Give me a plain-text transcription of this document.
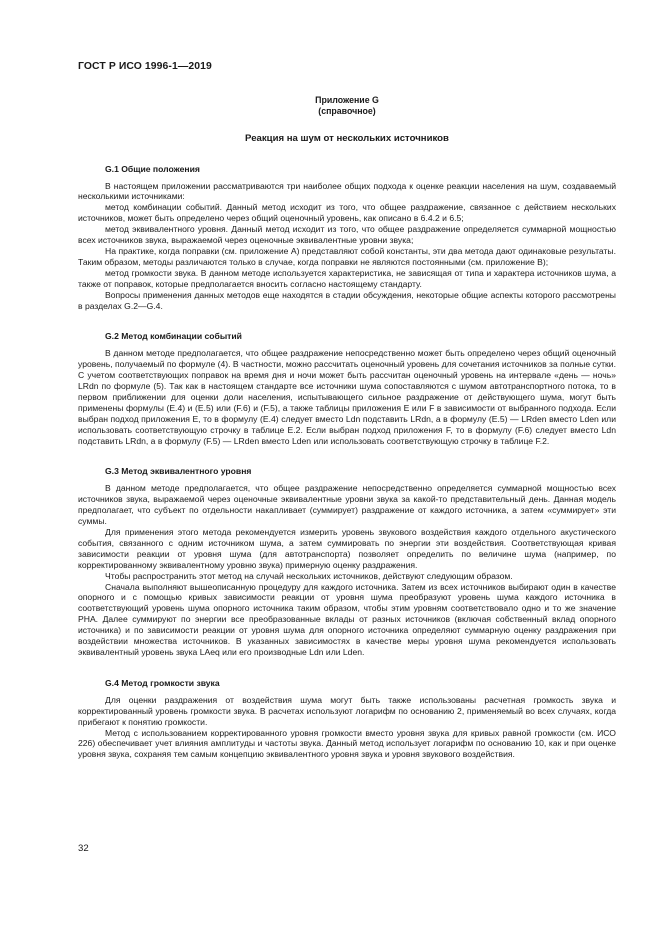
ГОСТ Р ИСО 1996-1—2019
Приложение G
(справочное)
Реакция на шум от нескольких источников
G.1 Общие положения

В настоящем приложении рассматриваются три наиболее общих подхода к оценке реакции населения на шум, создаваемый несколькими источниками:

метод комбинации событий. Данный метод исходит из того, что общее раздражение, связанное с действием нескольких источников, может быть определено через общий оценочный уровень, как описано в 6.4.2 и 6.5;

метод эквивалентного уровня. Данный метод исходит из того, что общее раздражение определяется суммарной мощностью всех источников звука, выражаемой через оценочные эквивалентные уровни звука;

На практике, когда поправки (см. приложение А) представляют собой константы, эти два метода дают одинаковые результаты. Таким образом, методы различаются только в случае, когда поправки не являются постоянными (см. приложение В);

метод громкости звука. В данном методе используется характеристика, не зависящая от типа и характера источников шума, а также от поправок, которые предполагается вносить согласно настоящему стандарту.

Вопросы применения данных методов еще находятся в стадии обсуждения, некоторые общие аспекты которого рассмотрены в разделах G.2—G.4.

G.2 Метод комбинации событий

В данном методе предполагается, что общее раздражение непосредственно может быть определено через общий оценочный уровень, получаемый по формуле (4). В частности, можно рассчитать оценочный уровень для сочетания источников за полные сутки. С учетом соответствующих поправок на время дня и ночи может быть рассчитан оценочный уровень на интервале «день — ночь» LRdn по формуле (5). Так как в настоящем стандарте все источники шума сопоставляются с шумом автотранспортного потока, то в первом приближении для оценки доли населения, испытывающего сильное раздражение от действующего шума, могут быть применены формулы (Е.4) и (Е.5) или (F.6) и (F.5), а также таблицы приложения Е или F в зависимости от выбранного подхода. Если выбран подход приложения Е, то в формулу (Е.4) следует вместо Ldn подставить LRdn, а в формулу (Е.5) — LRden вместо Lden или использовать соответствующую строчку в таблице Е.2. Если выбран подход приложения F, то в формулу (F.6) следует вместо Ldn подставить LRdn, а в формулу (F.5) — LRden вместо Lden или использовать соответствующую строчку в таблице F.2.

G.3 Метод эквивалентного уровня

В данном методе предполагается, что общее раздражение непосредственно определяется суммарной мощностью всех источников звука, выражаемой через оценочные эквивалентные уровни звука за какой-то представительный день. Данная модель предполагает, что субъект по отдельности накапливает (суммирует) раздражение от каждого источника, а затем «суммирует» эти суммы.

Для применения этого метода рекомендуется измерить уровень звукового воздействия каждого отдельного акустического события, связанного с одним источником шума, а затем суммировать по энергии эти воздействия. Соответствующая кривая зависимости реакции от уровня шума (для автотранспорта) позволяет определить по величине шума (например, по корректированному эквивалентному уровню звука) примерную оценку раздражения.

Чтобы распространить этот метод на случай нескольких источников, действуют следующим образом.

Сначала выполняют вышеописанную процедуру для каждого источника. Затем из всех источников выбирают один в качестве опорного и с помощью кривых зависимости реакции от уровня шума преобразуют уровень шума каждого источника в соответствующий уровень шума опорного источника таким образом, чтобы этим уровням соответствовало одно и то же значение PHA. Далее суммируют по энергии все преобразованные вклады от разных источников (включая собственный вклад опорного источника) и по зависимости реакции от уровня шума для опорного источника определяют суммарную оценку раздражения при воздействии множества источников. В указанных зависимостях в качестве меры уровня шума рекомендуется использовать эквивалентный уровень звука LAeq или его производные Ldn или Lden.

G.4 Метод громкости звука

Для оценки раздражения от воздействия шума могут быть также использованы расчетная громкость звука и корректированный уровень громкости звука. В расчетах используют логарифм по основанию 2, применяемый во всех случаях, когда прибегают к понятию громкости.

Метод с использованием корректированного уровня громкости вместо уровня звука для кривых равной громкости (см. ИСО 226) обеспечивает учет влияния амплитуды и частоты звука. Данный метод использует логарифм по основанию 10, как и при оценке уровня звука, сохраняя тем самым концепцию эквивалентного уровня звука и уровня звукового воздействия.

32
